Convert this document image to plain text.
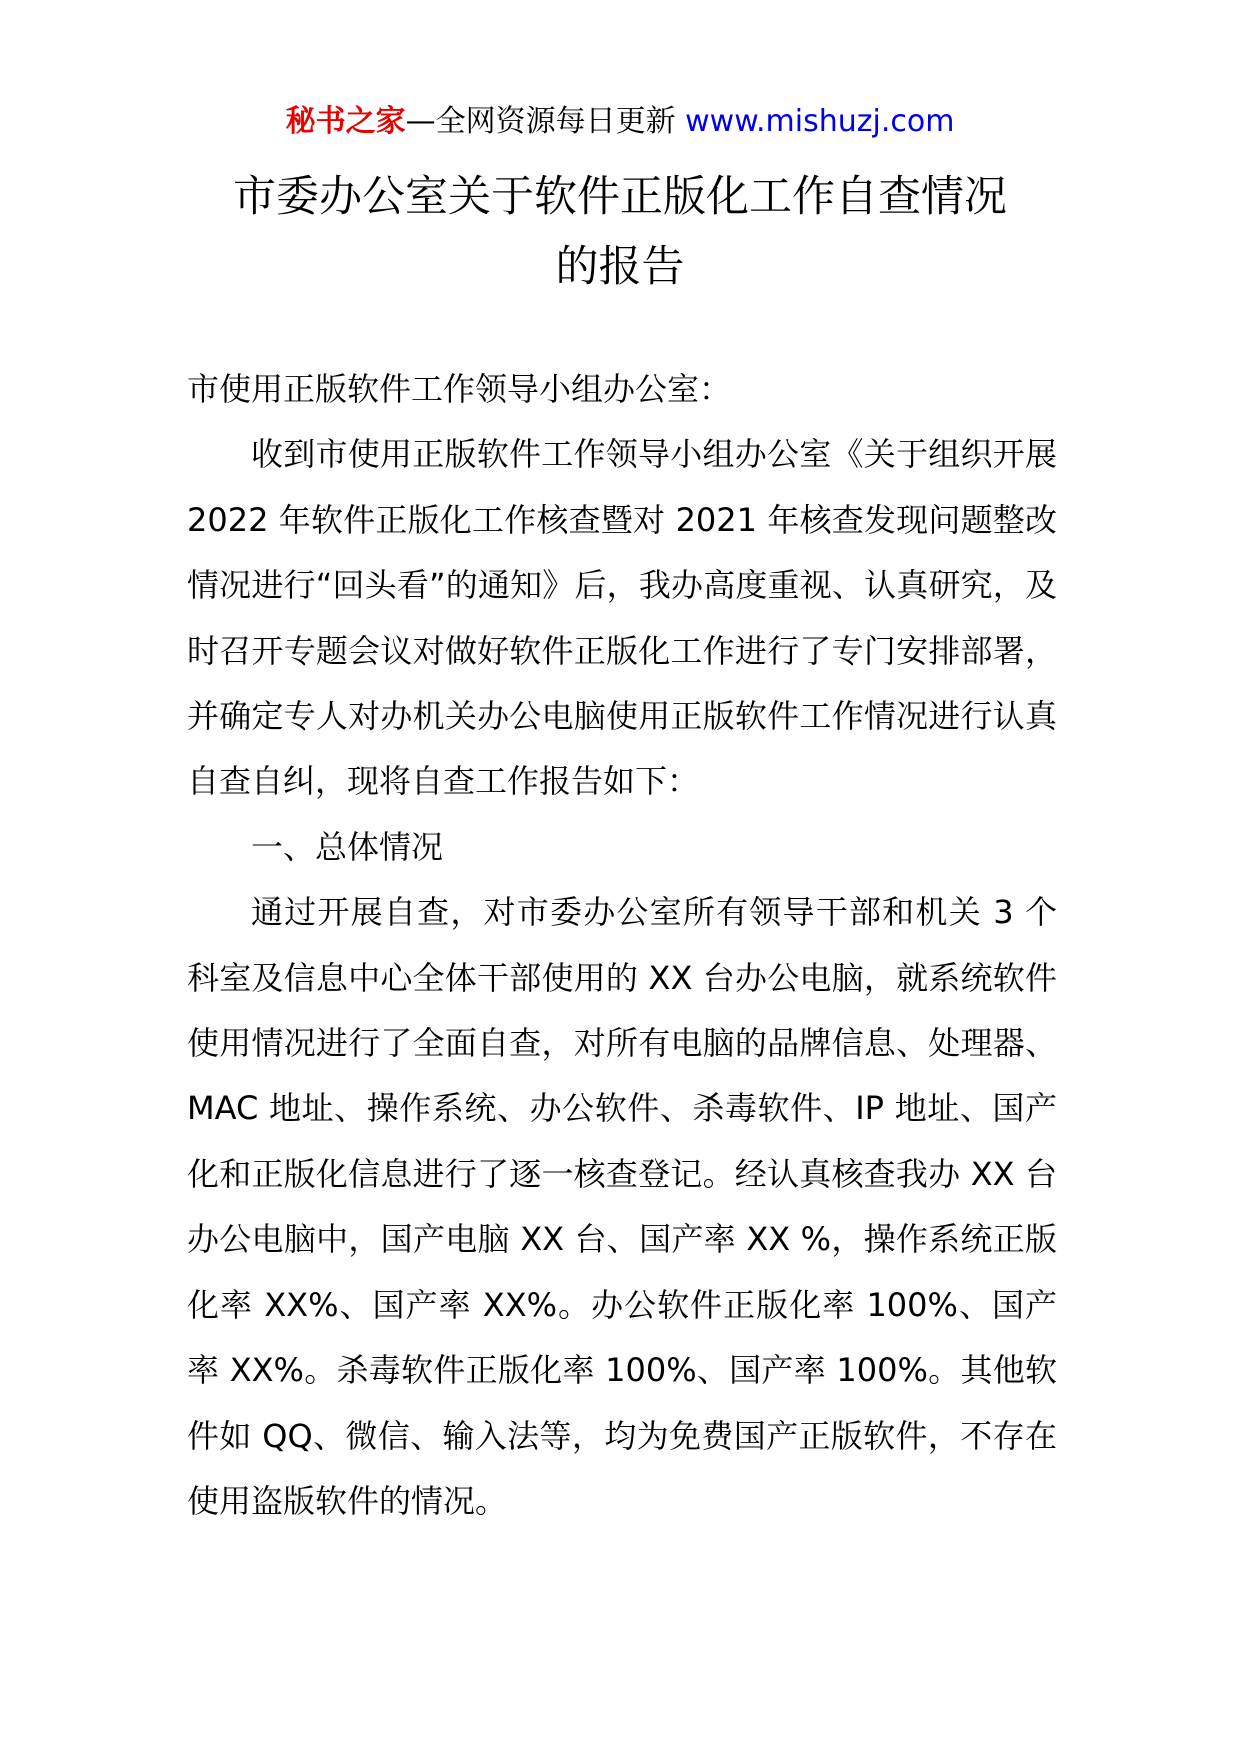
秘书之家—全网资源每日更新 www.mishuzj.com
市委办公室关于软件正版化工作自查情况
的报告

市使用正版软件工作领导小组办公室：

收到市使用正版软件工作领导小组办公室《关于组织开展 2022 年软件正版化工作核查暨对 2021 年核查发现问题整改情况进行“回头看”的通知》后，我办高度重视、认真研究，及时召开专题会议对做好软件正版化工作进行了专门安排部署，并确定专人对办机关办公电脑使用正版软件工作情况进行认真自查自纠，现将自查工作报告如下：

一、总体情况

通过开展自查，对市委办公室所有领导干部和机关 3 个科室及信息中心全体干部使用的 XX 台办公电脑，就系统软件使用情况进行了全面自查，对所有电脑的品牌信息、处理器、MAC 地址、操作系统、办公软件、杀毒软件、IP 地址、国产化和正版化信息进行了逐一核查登记。经认真核查我办 XX 台办公电脑中，国产电脑 XX 台、国产率 XX %，操作系统正版化率 XX%、国产率 XX%。办公软件正版化率 100%、国产率 XX%。杀毒软件正版化率 100%、国产率 100%。其他软件如 QQ、微信、输入法等，均为免费国产正版软件，不存在使用盗版软件的情况。
